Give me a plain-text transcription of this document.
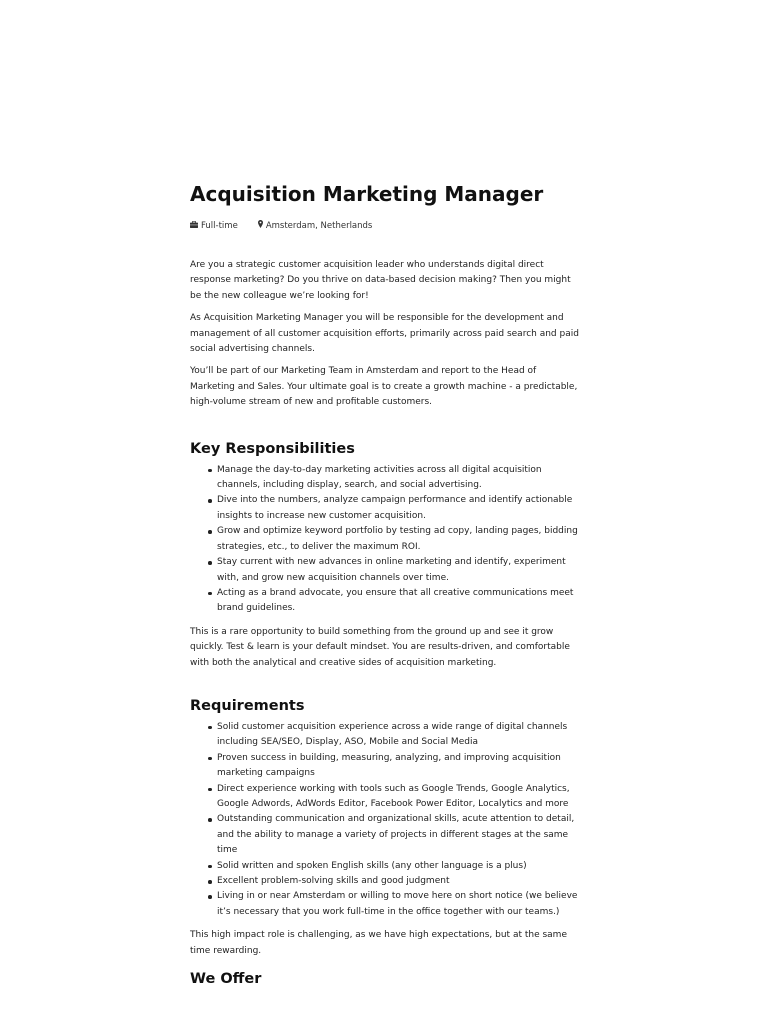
Acquisition Marketing Manager
Full-time	Amsterdam, Netherlands

Are you a strategic customer acquisition leader who understands digital direct response marketing? Do you thrive on data-based decision making? Then you might be the new colleague we’re looking for!

As Acquisition Marketing Manager you will be responsible for the development and management of all customer acquisition efforts, primarily across paid search and paid social advertising channels.

You’ll be part of our Marketing Team in Amsterdam and report to the Head of Marketing and Sales. Your ultimate goal is to create a growth machine - a predictable, high-volume stream of new and profitable customers.

Key Responsibilities
Manage the day-to-day marketing activities across all digital acquisition channels, including display, search, and social advertising.
Dive into the numbers, analyze campaign performance and identify actionable insights to increase new customer acquisition.
Grow and optimize keyword portfolio by testing ad copy, landing pages, bidding strategies, etc., to deliver the maximum ROI.
Stay current with new advances in online marketing and identify, experiment with, and grow new acquisition channels over time.
Acting as a brand advocate, you ensure that all creative communications meet brand guidelines.

This is a rare opportunity to build something from the ground up and see it grow quickly. Test & learn is your default mindset. You are results-driven, and comfortable with both the analytical and creative sides of acquisition marketing.

Requirements
Solid customer acquisition experience across a wide range of digital channels including SEA/SEO, Display, ASO, Mobile and Social Media
Proven success in building, measuring, analyzing, and improving acquisition marketing campaigns
Direct experience working with tools such as Google Trends, Google Analytics, Google Adwords, AdWords Editor, Facebook Power Editor, Localytics and more
Outstanding communication and organizational skills, acute attention to detail, and the ability to manage a variety of projects in different stages at the same time
Solid written and spoken English skills (any other language is a plus)
Excellent problem-solving skills and good judgment
Living in or near Amsterdam or willing to move here on short notice (we believe it’s necessary that you work full-time in the office together with our teams.)

This high impact role is challenging, as we have high expectations, but at the same time rewarding.

We Offer
